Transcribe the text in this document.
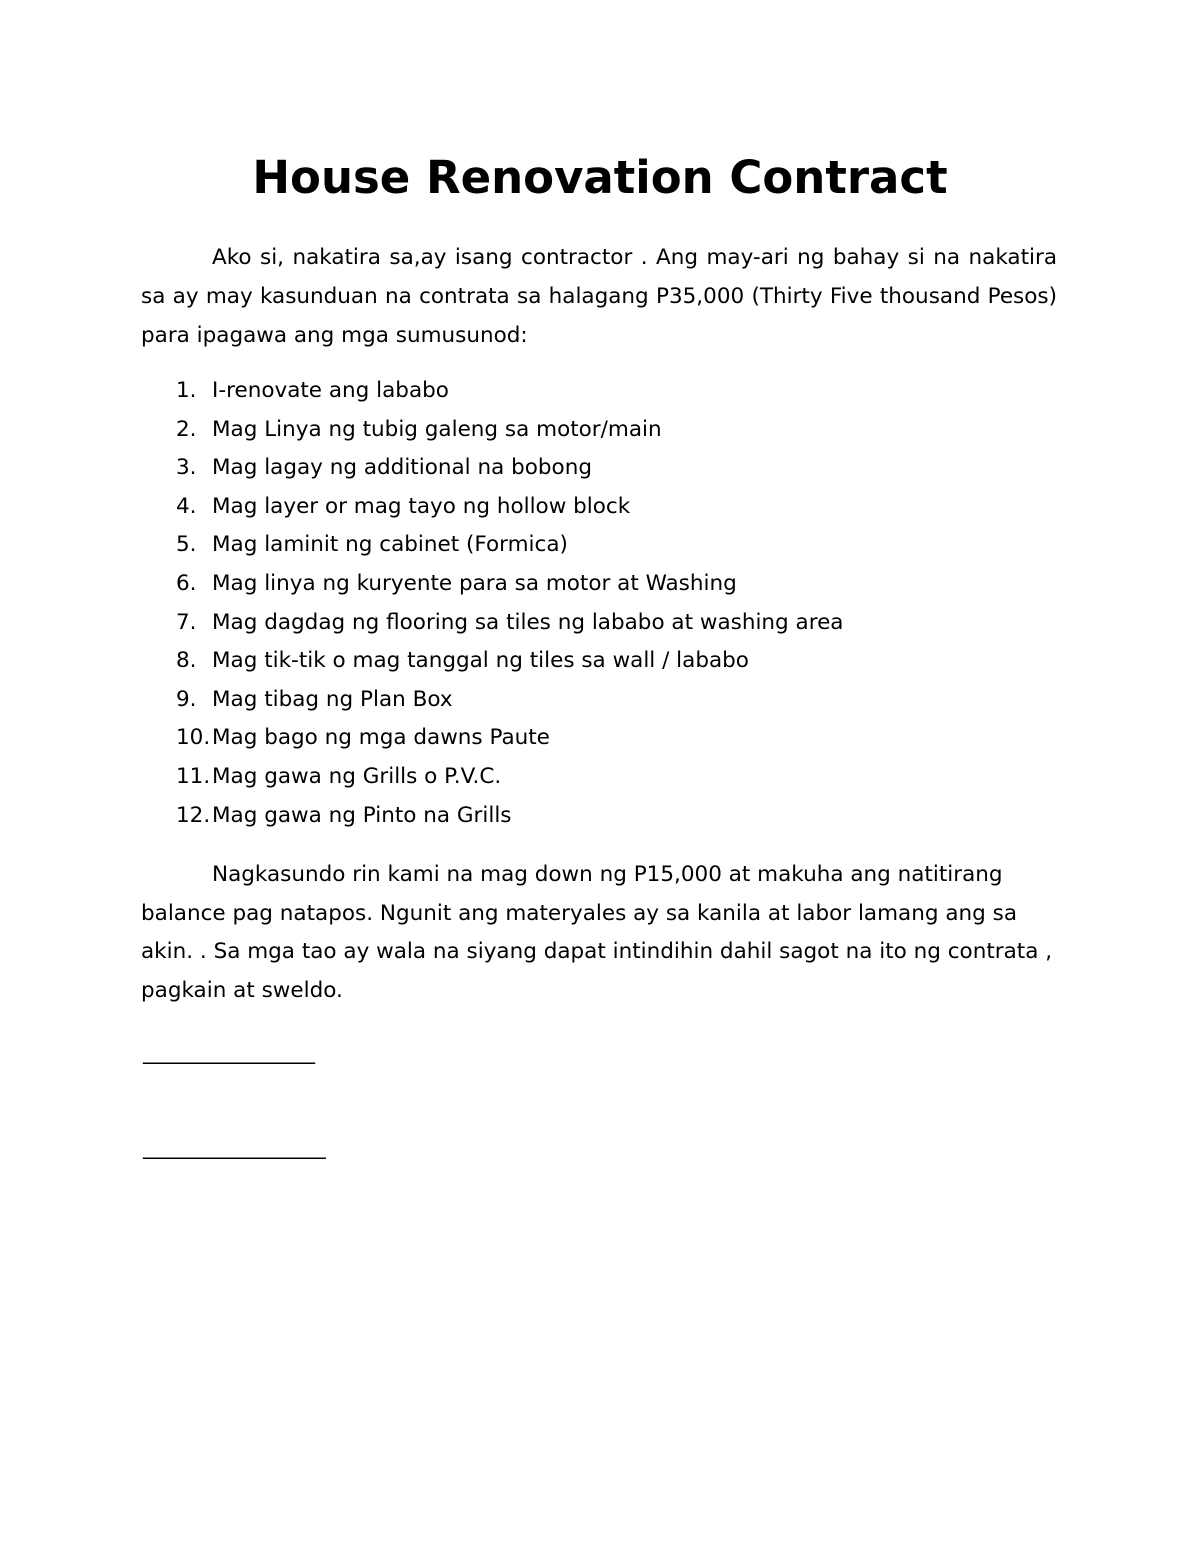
House Renovation Contract

Ako si, nakatira sa,ay isang contractor . Ang may-ari ng bahay si na nakatira sa ay may kasunduan na contrata sa halagang P35,000 (Thirty Five thousand Pesos) para ipagawa ang mga sumusunod:

1. I-renovate ang lababo
2. Mag Linya ng tubig galeng sa motor/main
3. Mag lagay ng additional na bobong
4. Mag layer or mag tayo ng hollow block
5. Mag laminit ng cabinet (Formica)
6. Mag linya ng kuryente para sa motor at Washing
7. Mag dagdag ng flooring sa tiles ng lababo at washing area
8. Mag tik-tik o mag tanggal ng tiles sa wall / lababo
9. Mag tibag ng Plan Box
10. Mag bago ng mga dawns Paute
11. Mag gawa ng Grills o P.V.C.
12. Mag gawa ng Pinto na Grills

Nagkasundo rin kami na mag down ng P15,000 at makuha ang natitirang balance pag natapos. Ngunit ang materyales ay sa kanila at labor lamang ang sa akin. . Sa mga tao ay wala na siyang dapat intindihin dahil sagot na ito ng contrata , pagkain at sweldo.

________________
_________________
